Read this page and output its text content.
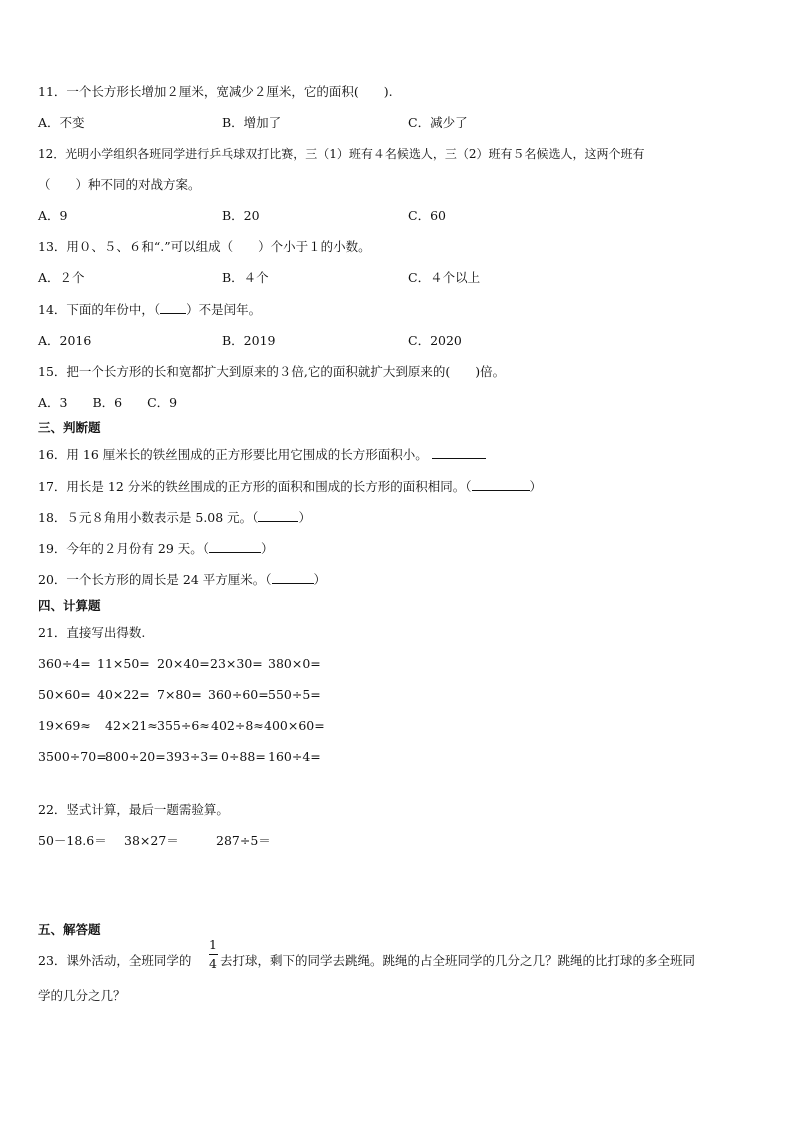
11．一个长方形长增加２厘米，宽减少２厘米，它的面积(　　).
A．不变	B．增加了	C．减少了
12．光明小学组织各班同学进行乒乓球双打比赛，三（1）班有４名候选人，三（2）班有５名候选人，这两个班有
（　　）种不同的对战方案。
A．9	B．20	C．60
13．用０、５、６和“.”可以组成（　　）个小于１的小数。
A．２个	B．４个	C．４个以上
14．下面的年份中，（ ）不是闰年。
A．2016	B．2019	C．2020
15．把一个长方形的长和宽都扩大到原来的３倍,它的面积就扩大到原来的(　　)倍。
A．3　　B．6　　C．9
三、判断题
16．用 16 厘米长的铁丝围成的正方形要比用它围成的长方形面积小。
17．用长是 12 分米的铁丝围成的正方形的面积和围成的长方形的面积相同。（	）
18．５元８角用小数表示是 5.08 元。（	）
19．今年的２月份有 29 天。（	）
20．一个长方形的周长是 24 平方厘米。（	）
四、计算题
21．直接写出得数.
360÷4= 11×50= 20×40= 23×30= 380×0=
50×60= 40×22= 7×80= 360÷60= 550÷5=
19×69≈ 42×21≈ 355÷6≈ 402÷8≈ 400×60=
3500÷70=
800÷20= 393÷3= 0÷88= 160÷4=
22．竖式计算，最后一题需验算。
50－18.6＝ 38×27＝	287÷5＝
五、解答题
23．课外活动，全班同学的
1
4 去打球，剩下的同学去跳绳。跳绳的占全班同学的几分之几？跳绳的比打球的多全班同
学的几分之几？
